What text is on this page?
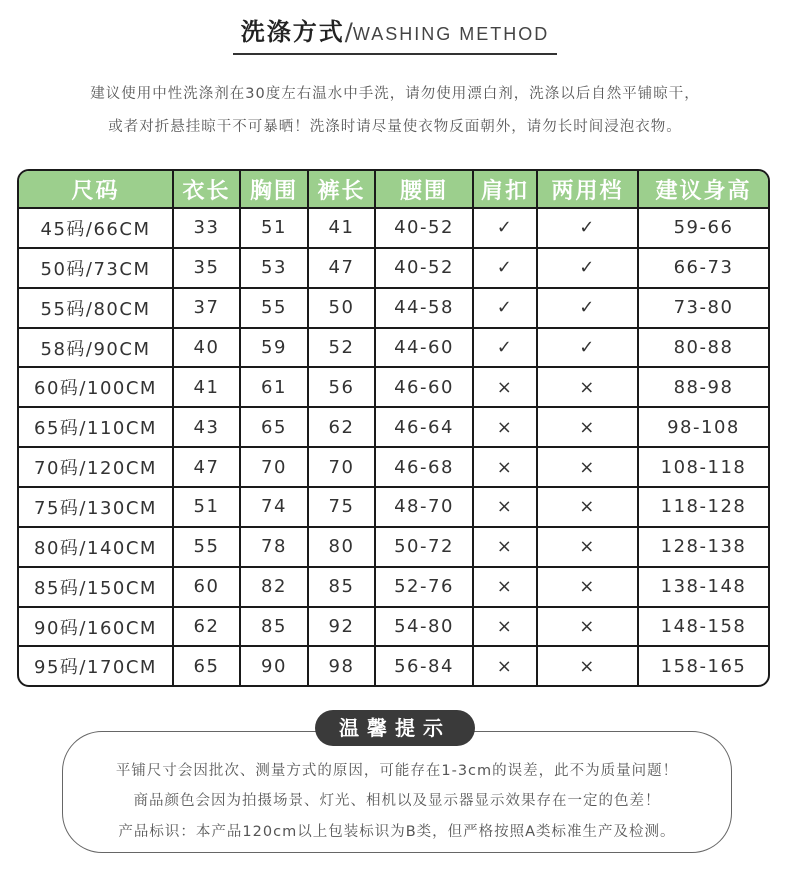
洗涤方式/WASHING METHOD
建议使用中性洗涤剂在30度左右温水中手洗，请勿使用漂白剂，洗涤以后自然平铺晾干，
或者对折悬挂晾干不可暴晒！洗涤时请尽量使衣物反面朝外，请勿长时间浸泡衣物。
尺码	衣长	胸围	裤长	腰围	肩扣	两用档	建议身高
45码/66CM	33	51	41	40-52	✓	✓	59-66
50码/73CM	35	53	47	40-52	✓	✓	66-73
55码/80CM	37	55	50	44-58	✓	✓	73-80
58码/90CM	40	59	52	44-60	✓	✓	80-88
60码/100CM	41	61	56	46-60	×	×	88-98
65码/110CM	43	65	62	46-64	×	×	98-108
70码/120CM	47	70	70	46-68	×	×	108-118
75码/130CM	51	74	75	48-70	×	×	118-128
80码/140CM	55	78	80	50-72	×	×	128-138
85码/150CM	60	82	85	52-76	×	×	138-148
90码/160CM	62	85	92	54-80	×	×	148-158
95码/170CM	65	90	98	56-84	×	×	158-165
温馨提示
平铺尺寸会因批次、测量方式的原因，可能存在1-3cm的误差，此不为质量问题！
商品颜色会因为拍摄场景、灯光、相机以及显示器显示效果存在一定的色差！
产品标识：本产品120cm以上包装标识为B类，但严格按照A类标准生产及检测。
